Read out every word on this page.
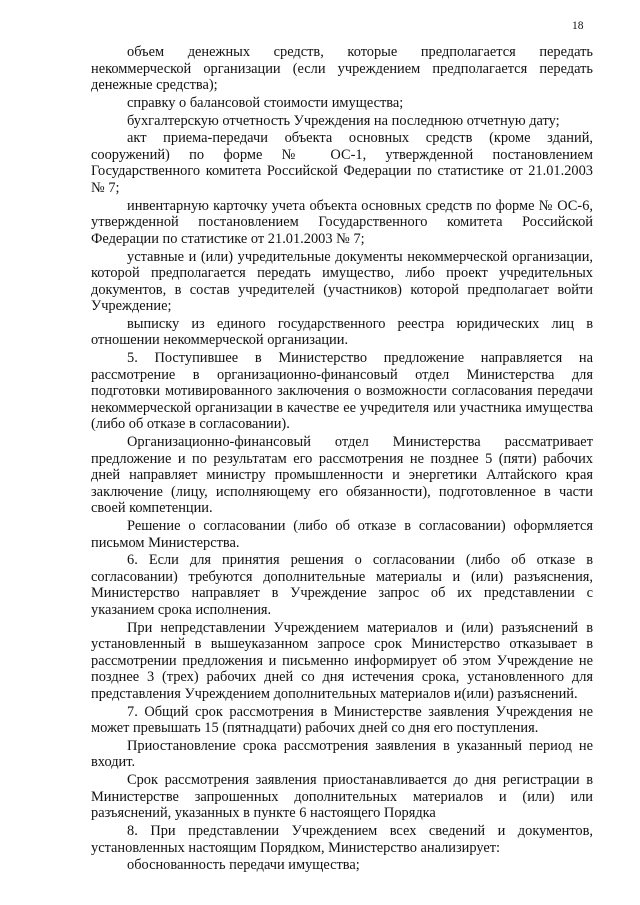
18

объем денежных средств, которые предполагается передать некоммерческой организации (если учреждением предполагается передать денежные средства);

справку о балансовой стоимости имущества;

бухгалтерскую отчетность Учреждения на последнюю отчетную дату;

акт приема-передачи объекта основных средств (кроме зданий, сооружений) по форме № ОС-1, утвержденной постановлением Государственного комитета Российской Федерации по статистике от 21.01.2003 № 7;

инвентарную карточку учета объекта основных средств по форме № ОС-6, утвержденной постановлением Государственного комитета Российской Федерации по статистике от 21.01.2003 № 7;

уставные и (или) учредительные документы некоммерческой организации, которой предполагается передать имущество, либо проект учредительных документов, в состав учредителей (участников) которой предполагает войти Учреждение;

выписку из единого государственного реестра юридических лиц в отношении некоммерческой организации.

5. Поступившее в Министерство предложение направляется на рассмотрение в организационно-финансовый отдел Министерства для подготовки мотивированного заключения о возможности согласования передачи некоммерческой организации в качестве ее учредителя или участника имущества (либо об отказе в согласовании).

Организационно-финансовый отдел Министерства рассматривает предложение и по результатам его рассмотрения не позднее 5 (пяти) рабочих дней направляет министру промышленности и энергетики Алтайского края заключение (лицу, исполняющему его обязанности), подготовленное в части своей компетенции.

Решение о согласовании (либо об отказе в согласовании) оформляется письмом Министерства.

6. Если для принятия решения о согласовании (либо об отказе в согласовании) требуются дополнительные материалы и (или) разъяснения, Министерство направляет в Учреждение запрос об их представлении с указанием срока исполнения.

При непредставлении Учреждением материалов и (или) разъяснений в установленный в вышеуказанном запросе срок Министерство отказывает в рассмотрении предложения и письменно информирует об этом Учреждение не позднее 3 (трех) рабочих дней со дня истечения срока, установленного для представления Учреждением дополнительных материалов и(или) разъяснений.

7. Общий срок рассмотрения в Министерстве заявления Учреждения не может превышать 15 (пятнадцати) рабочих дней со дня его поступления.

Приостановление срока рассмотрения заявления в указанный период не входит.

Срок рассмотрения заявления приостанавливается до дня регистрации в Министерстве запрошенных дополнительных материалов и (или) или разъяснений, указанных в пункте 6 настоящего Порядка

8. При представлении Учреждением всех сведений и документов, установленных настоящим Порядком, Министерство анализирует:

обоснованность передачи имущества;
